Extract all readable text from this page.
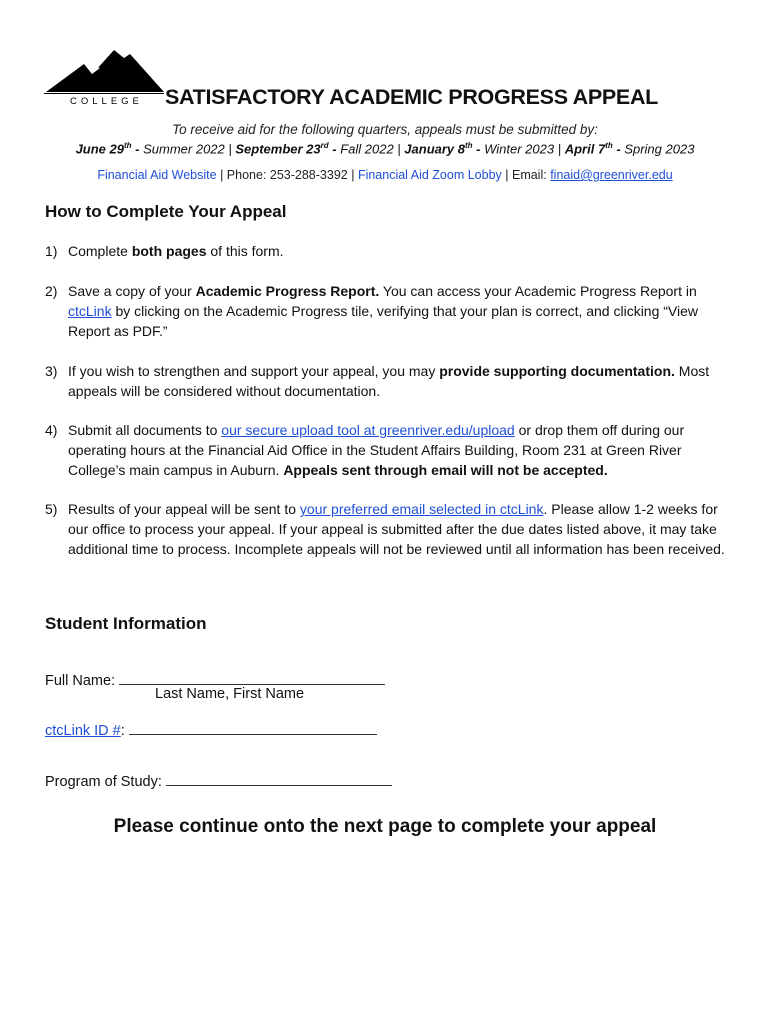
COLLEGE SATISFACTORY ACADEMIC PROGRESS APPEAL
To receive aid for the following quarters, appeals must be submitted by:
June 29th - Summer 2022 | September 23rd - Fall 2022 | January 8th - Winter 2023 | April 7th - Spring 2023
Financial Aid Website | Phone: 253-288-3392 | Financial Aid Zoom Lobby | Email: finaid@greenriver.edu
How to Complete Your Appeal
1) Complete both pages of this form.
2) Save a copy of your Academic Progress Report. You can access your Academic Progress Report in ctcLink by clicking on the Academic Progress tile, verifying that your plan is correct, and clicking “View Report as PDF.”
3) If you wish to strengthen and support your appeal, you may provide supporting documentation. Most appeals will be considered without documentation.
4) Submit all documents to our secure upload tool at greenriver.edu/upload or drop them off during our operating hours at the Financial Aid Office in the Student Affairs Building, Room 231 at Green River College’s main campus in Auburn. Appeals sent through email will not be accepted.
5) Results of your appeal will be sent to your preferred email selected in ctcLink. Please allow 1-2 weeks for our office to process your appeal. If your appeal is submitted after the due dates listed above, it may take additional time to process. Incomplete appeals will not be reviewed until all information has been received.
Student Information
Full Name:
Last Name, First Name
ctcLink ID #:
Program of Study:
Please continue onto the next page to complete your appeal
